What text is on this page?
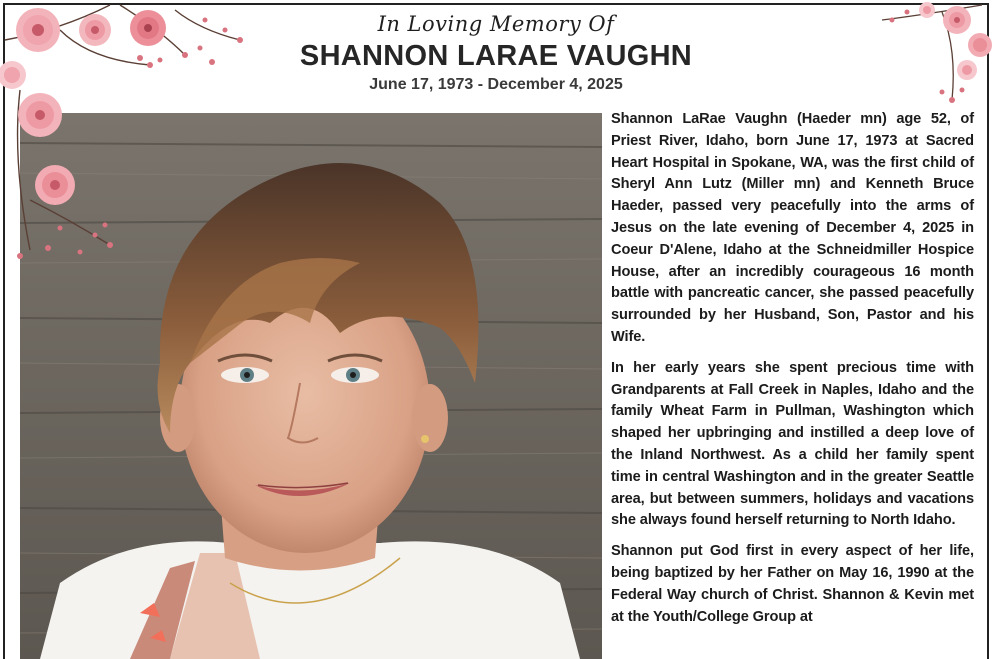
In Loving Memory Of
SHANNON LARAE VAUGHN
June 17, 1973 - December 4, 2025

Shannon LaRae Vaughn (Haeder mn) age 52, of Priest River, Idaho, born June 17, 1973 at Sacred Heart Hospital in Spokane, WA, was the first child of Sheryl Ann Lutz (Miller mn) and Kenneth Bruce Haeder, passed very peacefully into the arms of Jesus on the late evening of December 4, 2025 in Coeur D'Alene, Idaho at the Schneidmiller Hospice House, after an incredibly courageous 16 month battle with pancreatic cancer, she passed peacefully surrounded by her Husband, Son, Pastor and his Wife.

In her early years she spent precious time with Grandparents at Fall Creek in Naples, Idaho and the family Wheat Farm in Pullman, Washington which shaped her upbringing and instilled a deep love of the Inland Northwest. As a child her family spent time in central Washington and in the greater Seattle area, but between summers, holidays and vacations she always found herself returning to North Idaho.

Shannon put God first in every aspect of her life, being baptized by her Father on May 16, 1990 at the Federal Way church of Christ. Shannon & Kevin met at the Youth/College Group at
